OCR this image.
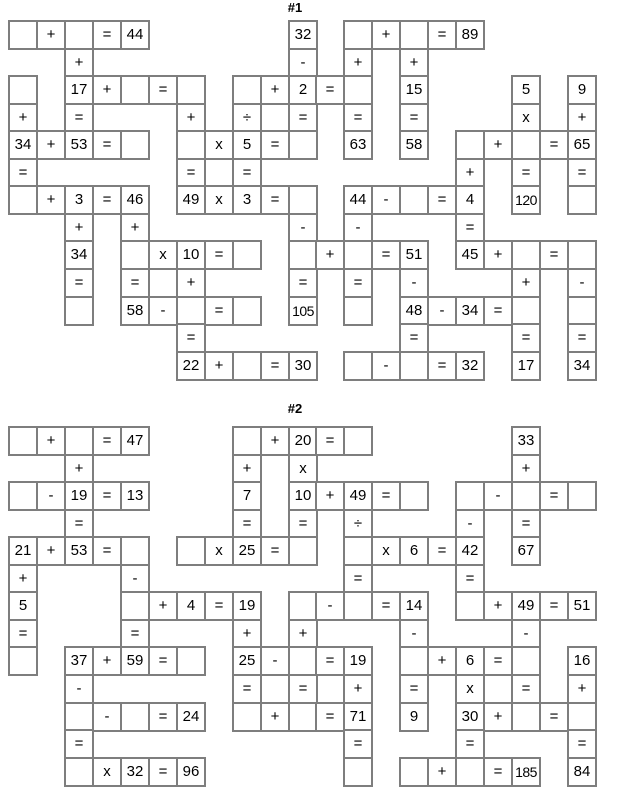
#1
+	=	44	32	+	=	89
+	-	+	+
17	+	=	+	2	=	15	5	9
+	=	+	÷	=	=	=	x	+
34	+	53	=	x	5	=	63	58	+	=	65
=	=	=	+	=	=
+	3	=	46	49	x	3	=	44	-	=	4	120
+	+	-	-	=
34	x	10	=	+	=	51	45	+	=
=	=	+	=	=	-	+	-
58	-	=	105	48	-	34	=
=	=	=	=
22	+	=	30	-	=	32	17	34
#2
+	=	47	+	20 =	33
+	+	x	+
-	19	=	13	7	10 +	49	=	-	=
=	=	=	÷	-	=
21	+	53	=	x	25	=	x	6	=	42	67
+	-	=	=
5	+	4	=	19	-	=	14	+	49	=	51
=	=	+	+	-	-
37	+	59	=	25	-	=	19	+	6	=	16
-	=	=	+	=	x	=	+
-	=	24	+	=	71	9	30	+	=
=	=	=	=
x	32	=	96	+	= 185	84
